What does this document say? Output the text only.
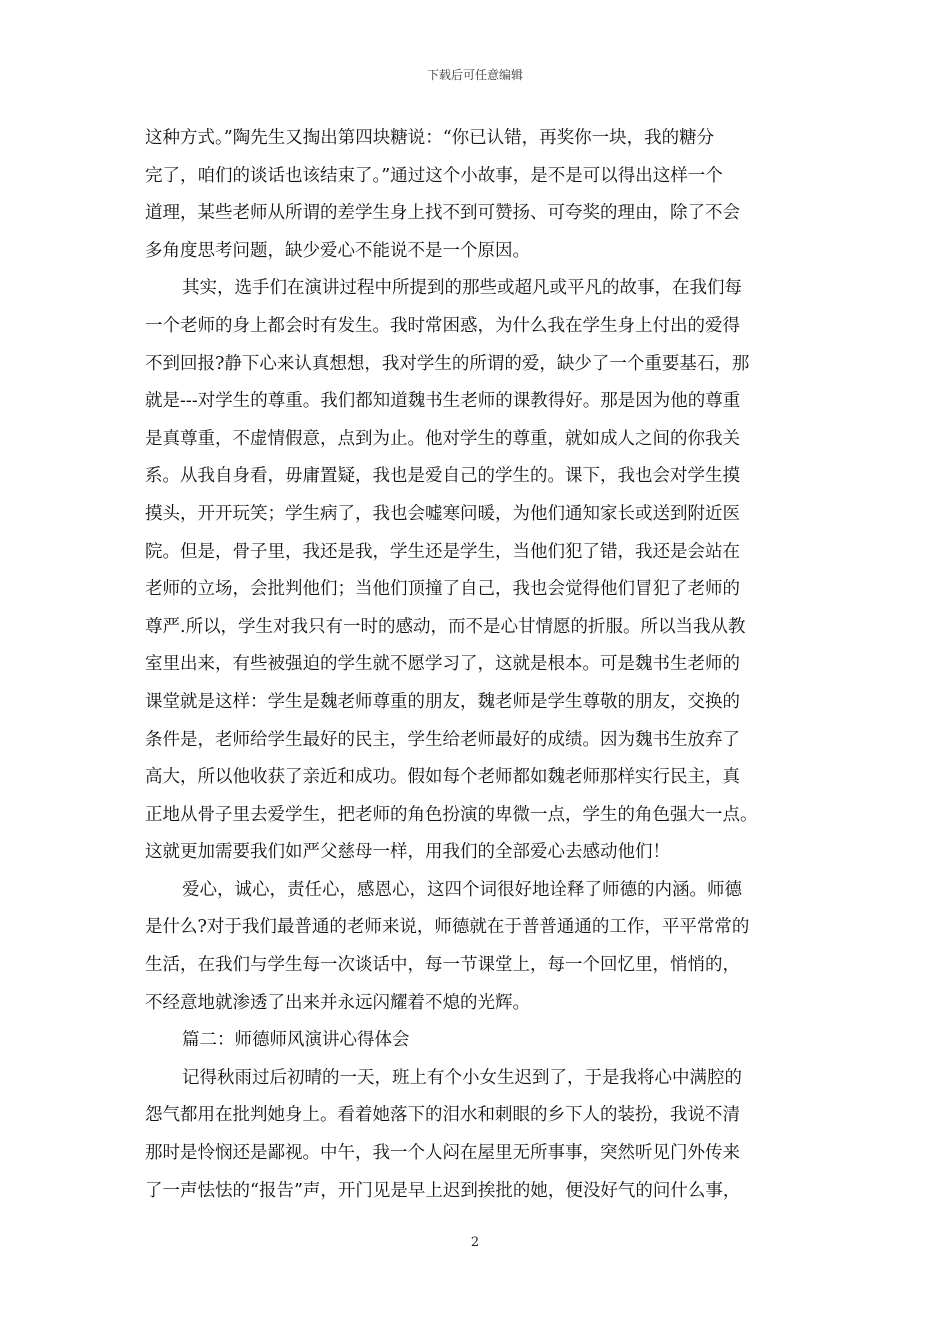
下载后可任意编辑
这种方式。”陶先生又掏出第四块糖说：“你已认错，再奖你一块，我的糖分
完了，咱们的谈话也该结束了。”通过这个小故事，是不是可以得出这样一个
道理，某些老师从所谓的差学生身上找不到可赞扬、可夸奖的理由，除了不会
多角度思考问题，缺少爱心不能说不是一个原因。
其实，选手们在演讲过程中所提到的那些或超凡或平凡的故事，在我们每
一个老师的身上都会时有发生。我时常困惑，为什么我在学生身上付出的爱得
不到回报?静下心来认真想想，我对学生的所谓的爱，缺少了一个重要基石，那
就是---对学生的尊重。我们都知道魏书生老师的课教得好。那是因为他的尊重
是真尊重，不虚情假意，点到为止。他对学生的尊重，就如成人之间的你我关
系。从我自身看，毋庸置疑，我也是爱自己的学生的。课下，我也会对学生摸
摸头，开开玩笑；学生病了，我也会嘘寒问暖，为他们通知家长或送到附近医
院。但是，骨子里，我还是我，学生还是学生，当他们犯了错，我还是会站在
老师的立场，会批判他们；当他们顶撞了自己，我也会觉得他们冒犯了老师的
尊严.所以，学生对我只有一时的感动，而不是心甘情愿的折服。所以当我从教
室里出来，有些被强迫的学生就不愿学习了，这就是根本。可是魏书生老师的
课堂就是这样：学生是魏老师尊重的朋友，魏老师是学生尊敬的朋友，交换的
条件是，老师给学生最好的民主，学生给老师最好的成绩。因为魏书生放弃了
高大，所以他收获了亲近和成功。假如每个老师都如魏老师那样实行民主，真
正地从骨子里去爱学生，把老师的角色扮演的卑微一点，学生的角色强大一点。
这就更加需要我们如严父慈母一样，用我们的全部爱心去感动他们！
爱心，诚心，责任心，感恩心，这四个词很好地诠释了师德的内涵。师德
是什么?对于我们最普通的老师来说，师德就在于普普通通的工作，平平常常的
生活，在我们与学生每一次谈话中，每一节课堂上，每一个回忆里，悄悄的，
不经意地就渗透了出来并永远闪耀着不熄的光辉。
篇二：师德师风演讲心得体会
记得秋雨过后初晴的一天，班上有个小女生迟到了，于是我将心中满腔的
怨气都用在批判她身上。看着她落下的泪水和刺眼的乡下人的装扮，我说不清
那时是怜悯还是鄙视。中午，我一个人闷在屋里无所事事，突然听见门外传来
了一声怯怯的“报告”声，开门见是早上迟到挨批的她，便没好气的问什么事，
2
